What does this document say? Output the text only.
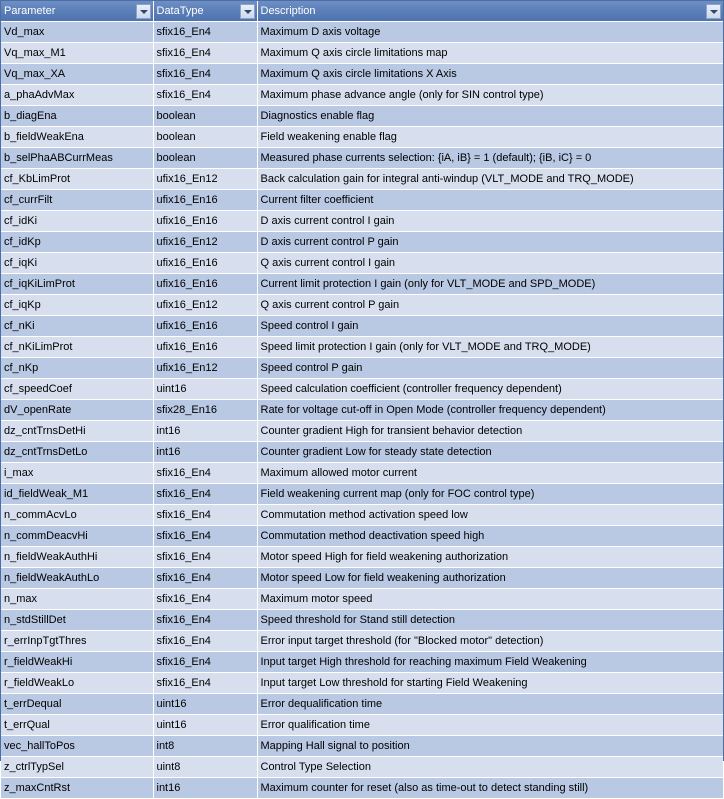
Parameter	DataType	Description

Vd_max	sfix16_En4	Maximum D axis voltage
Vq_max_M1	sfix16_En4	Maximum Q axis circle limitations map
Vq_max_XA	sfix16_En4	Maximum Q axis circle limitations X Axis
a_phaAdvMax	sfix16_En4	Maximum phase advance angle (only for SIN control type)
b_diagEna	boolean	Diagnostics enable flag
b_fieldWeakEna	boolean	Field weakening enable flag
b_selPhaABCurrMeas	boolean	Measured phase currents selection: {iA, iB} = 1 (default); {iB, iC} = 0
cf_KbLimProt	ufix16_En12	Back calculation gain for integral anti-windup (VLT_MODE and TRQ_MODE)
cf_currFilt	ufix16_En16	Current filter coefficient
cf_idKi	ufix16_En16	D axis current control I gain
cf_idKp	ufix16_En12	D axis current control P gain
cf_iqKi	ufix16_En16	Q axis current control I gain
cf_iqKiLimProt	ufix16_En16	Current limit protection I gain (only for VLT_MODE and SPD_MODE)
cf_iqKp	ufix16_En12	Q axis current control P gain
cf_nKi	ufix16_En16	Speed control I gain
cf_nKiLimProt	ufix16_En16	Speed limit protection I gain (only for VLT_MODE and TRQ_MODE)
cf_nKp	ufix16_En12	Speed control P gain
cf_speedCoef	uint16	Speed calculation coefficient (controller frequency dependent)
dV_openRate	sfix28_En16	Rate for voltage cut-off in Open Mode (controller frequency dependent)
dz_cntTrnsDetHi	int16	Counter gradient High for transient behavior detection
dz_cntTrnsDetLo	int16	Counter gradient Low for steady state detection
i_max	sfix16_En4	Maximum allowed motor current
id_fieldWeak_M1	sfix16_En4	Field weakening current map (only for FOC control type)
n_commAcvLo	sfix16_En4	Commutation method activation speed low
n_commDeacvHi	sfix16_En4	Commutation method deactivation speed high
n_fieldWeakAuthHi	sfix16_En4	Motor speed High for field weakening authorization
n_fieldWeakAuthLo	sfix16_En4	Motor speed Low for field weakening authorization
n_max	sfix16_En4	Maximum motor speed
n_stdStillDet	sfix16_En4	Speed threshold for Stand still detection
r_errInpTgtThres	sfix16_En4	Error input target threshold (for "Blocked motor" detection)
r_fieldWeakHi	sfix16_En4	Input target High threshold for reaching maximum Field Weakening
r_fieldWeakLo	sfix16_En4	Input target Low threshold for starting Field Weakening
t_errDequal	uint16	Error dequalification time
t_errQual	uint16	Error qualification time
vec_hallToPos	int8	Mapping Hall signal to position
z_ctrlTypSel	uint8	Control Type Selection
z_maxCntRst	int16	Maximum counter for reset (also as time-out to detect standing still)
